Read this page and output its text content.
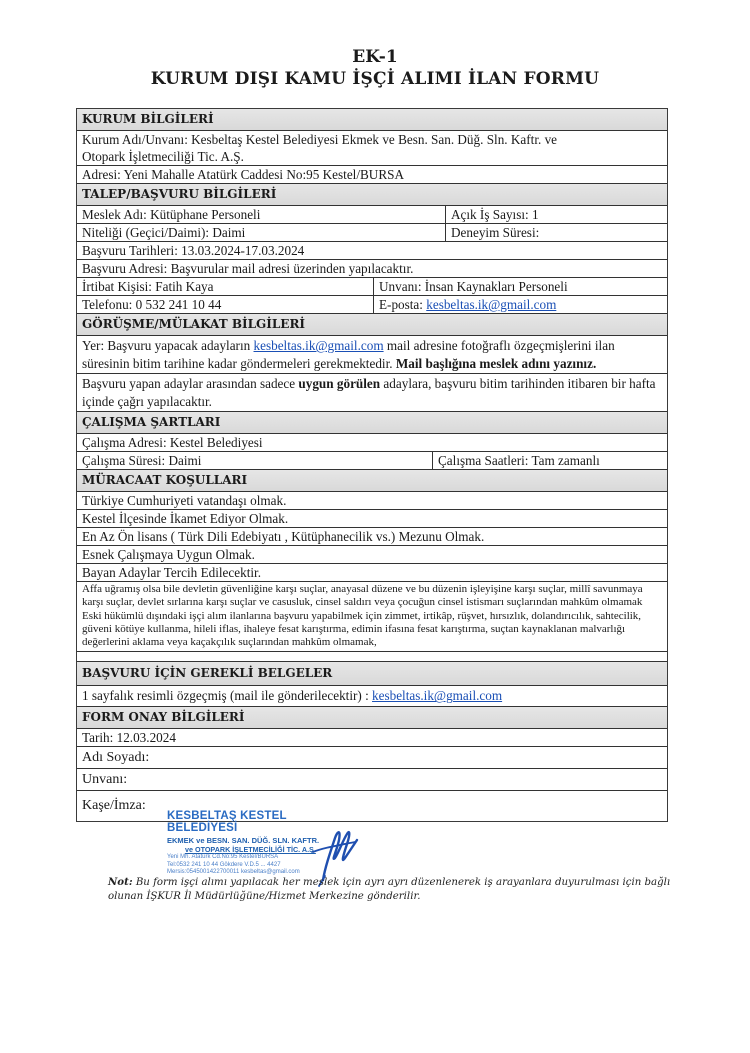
EK-1
KURUM DIŞI KAMU İŞÇİ ALIMI İLAN FORMU
KURUM BİLGİLERİ
Kurum Adı/Unvanı: Kesbeltaş Kestel Belediyesi Ekmek ve Besn. San. Düğ. Sln. Kaftr. ve
Otopark İşletmeciliği Tic. A.Ş.
Adresi: Yeni Mahalle Atatürk Caddesi No:95 Kestel/BURSA
TALEP/BAŞVURU BİLGİLERİ
Meslek Adı: Kütüphane Personeli	Açık İş Sayısı: 1
Niteliği (Geçici/Daimi): Daimi	Deneyim Süresi:
Başvuru Tarihleri: 13.03.2024-17.03.2024
Başvuru Adresi: Başvurular mail adresi üzerinden yapılacaktır.
İrtibat Kişisi: Fatih Kaya	Unvanı: İnsan Kaynakları Personeli
Telefonu: 0 532 241 10 44	E-posta: kesbeltas.ik@gmail.com
GÖRÜŞME/MÜLAKAT BİLGİLERİ
Yer: Başvuru yapacak adayların kesbeltas.ik@gmail.com mail adresine fotoğraflı özgeçmişlerini ilan süresinin bitim tarihine kadar göndermeleri gerekmektedir. Mail başlığına meslek adını yazınız.
Başvuru yapan adaylar arasından sadece uygun görülen adaylara, başvuru bitim tarihinden itibaren bir hafta içinde çağrı yapılacaktır.
ÇALIŞMA ŞARTLARI
Çalışma Adresi: Kestel Belediyesi
Çalışma Süresi: Daimi	Çalışma Saatleri: Tam zamanlı
MÜRACAAT KOŞULLARI
Türkiye Cumhuriyeti vatandaşı olmak.
Kestel İlçesinde İkamet Ediyor Olmak.
En Az Ön lisans ( Türk Dili Edebiyatı , Kütüphanecilik vs.) Mezunu Olmak.
Esnek Çalışmaya Uygun Olmak.
Bayan Adaylar Tercih Edilecektir.
Affa uğramış olsa bile devletin güvenliğine karşı suçlar, anayasal düzene ve bu düzenin işleyişine karşı suçlar, millî savunmaya karşı suçlar, devlet sırlarına karşı suçlar ve casusluk, cinsel saldırı veya çocuğun cinsel istismarı suçlarından mahkûm olmamak
Eski hükümlü dışındaki işçi alım ilanlarına başvuru yapabilmek için zimmet, irtikâp, rüşvet, hırsızlık, dolandırıcılık, sahtecilik, güveni kötüye kullanma, hileli iflas, ihaleye fesat karıştırma, edimin ifasına fesat karıştırma, suçtan kaynaklanan malvarlığı değerlerini aklama veya kaçakçılık suçlarından mahkûm olmamak,
BAŞVURU İÇİN GEREKLİ BELGELER
1 sayfalık resimli özgeçmiş (mail ile gönderilecektir) : kesbeltas.ik@gmail.com
FORM ONAY BİLGİLERİ
Tarih: 12.03.2024
Adı Soyadı:
Unvanı:
Kaşe/İmza:
KESBELTAŞ KESTEL BELEDİYESİ
EKMEK ve BESN. SAN. DÜĞ. SLN. KAFTR.
ve OTOPARK İŞLETMECİLİĞİ TİC. A.Ş.
Yeni Mh. Atatürk Cd.No:95 Kestel/BURSA
Tel:0532 241 10 44 Gökdere V.D.5 ... 4427
Mersis:0545001422700011 kesbeltas@gmail.com
Not: Bu form işçi alımı yapılacak her meslek için ayrı ayrı düzenlenerek iş arayanlara duyurulması için bağlı olunan İŞKUR İl Müdürlüğüne/Hizmet Merkezine gönderilir.
